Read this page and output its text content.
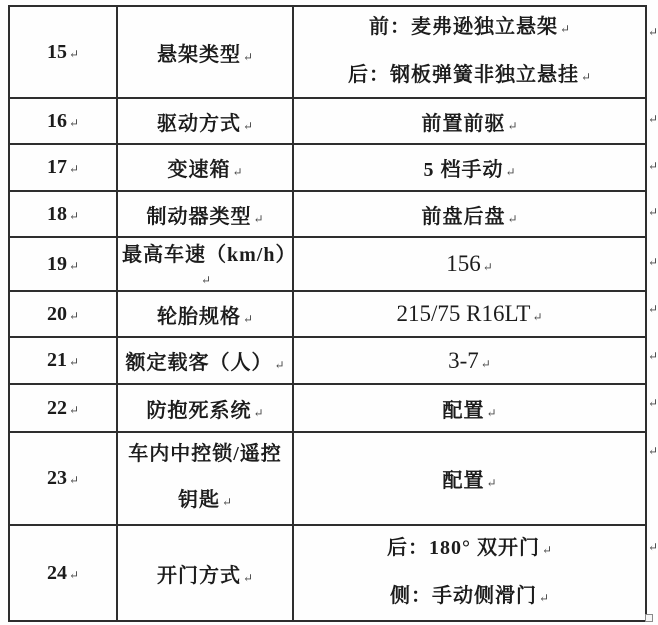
15 ↵	悬架类型 ↵	前：麦弗逊独立悬架 ↵
后：钢板弹簧非独立悬挂 ↵

16 ↵	驱动方式 ↵	前置前驱 ↵
17 ↵	变速箱 ↵	5 档手动 ↵
18 ↵	制动器类型 ↵	前盘后盘 ↵
19 ↵	最高车速（km/h）↵	156 ↵
20 ↵	轮胎规格 ↵	215/75 R16LT ↵
21 ↵	额定载客（人） ↵	3-7 ↵
22 ↵	防抱死系统 ↵	配置 ↵
23 ↵	车内中控锁/遥控
钥匙 ↵	配置 ↵
24 ↵	开门方式 ↵	后：180° 双开门 ↵
侧：手动侧滑门 ↵
↵
↵
↵
↵
↵
↵
↵
↵
↵
↵
